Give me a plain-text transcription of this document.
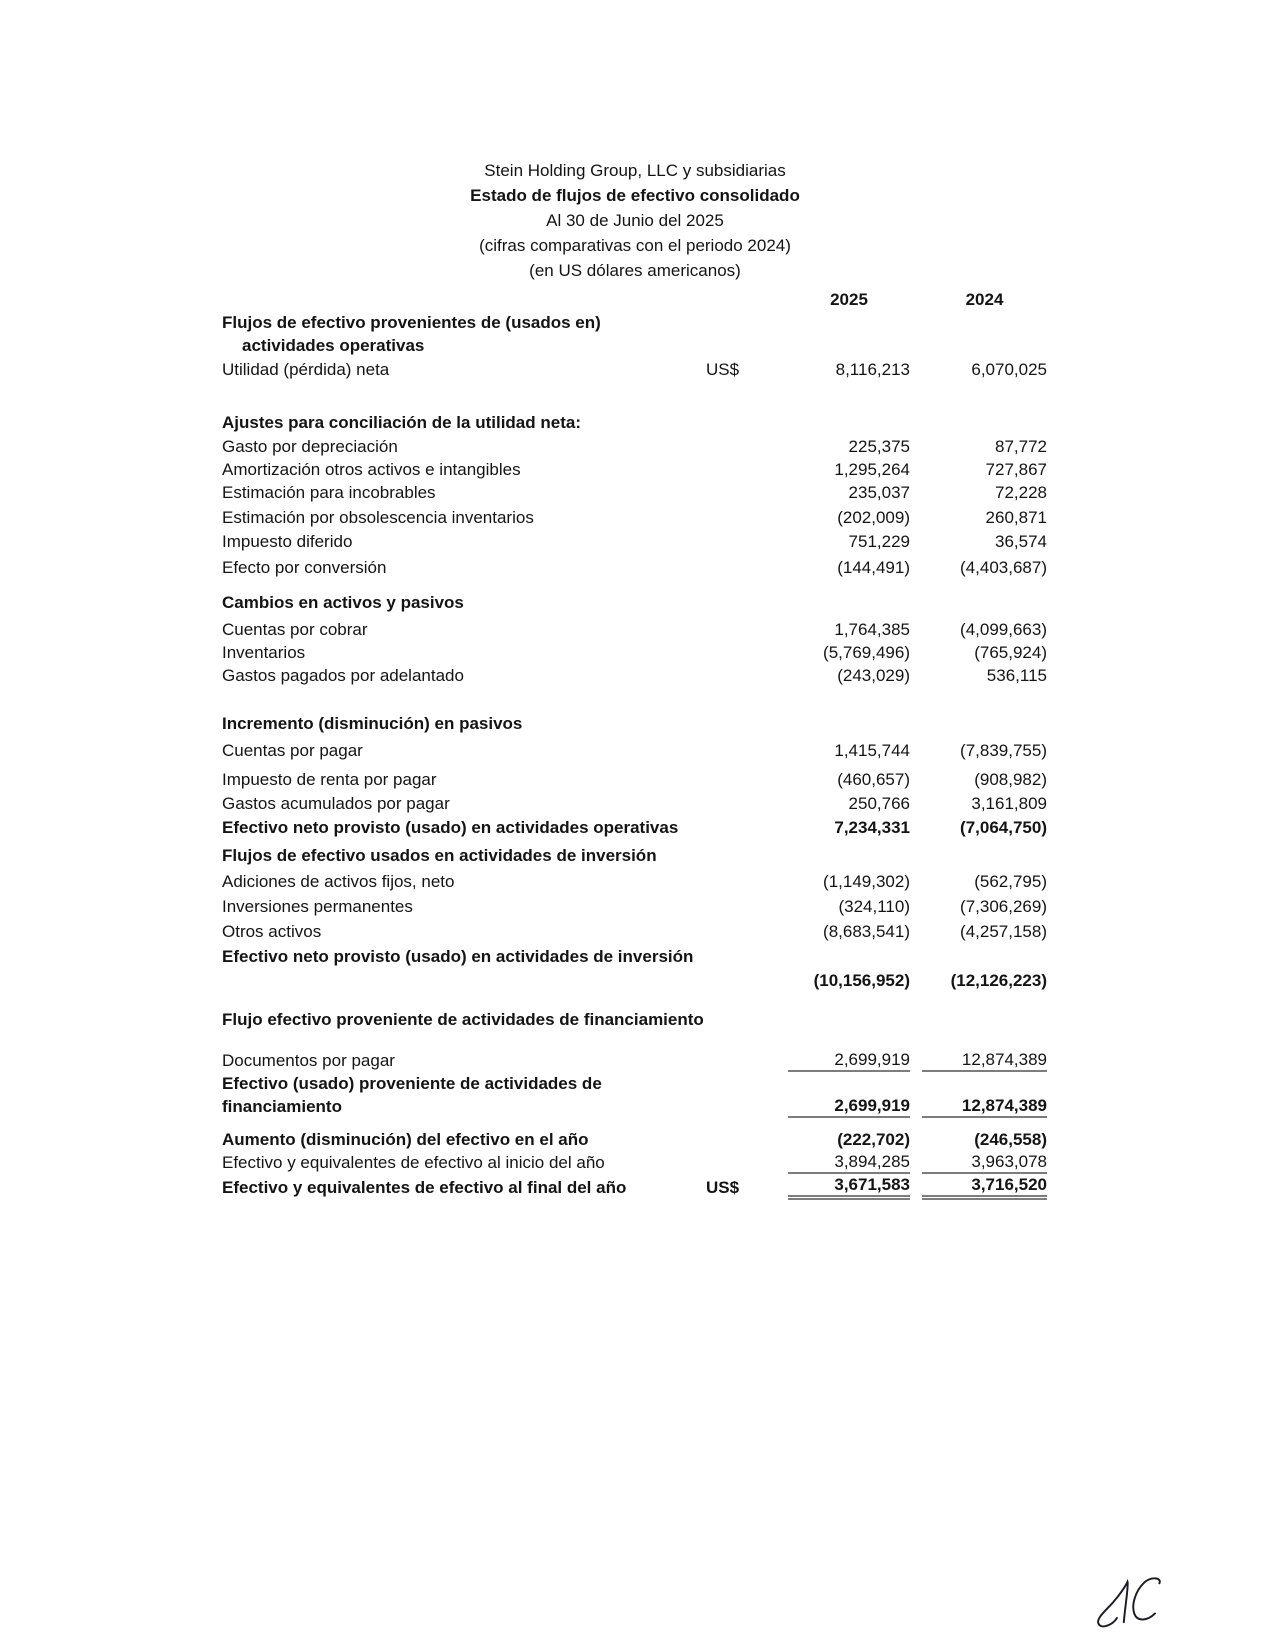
Stein Holding Group, LLC y subsidiarias
Estado de flujos de efectivo consolidado
Al 30 de Junio del 2025
(cifras comparativas con el periodo 2024)
(en US dólares americanos)
2025	2024
Flujos de efectivo provenientes de (usados en)
actividades operativas
Utilidad (pérdida) neta	US$	8,116,213	6,070,025
Ajustes para conciliación de la utilidad neta:
Gasto por depreciación	225,375	87,772
Amortización otros activos e intangibles	1,295,264	727,867
Estimación para incobrables	235,037	72,228
Estimación por obsolescencia inventarios	(202,009)	260,871
Impuesto diferido	751,229	36,574
Efecto por conversión	(144,491)	(4,403,687)
Cambios en activos y pasivos
Cuentas por cobrar	1,764,385	(4,099,663)
Inventarios	(5,769,496)	(765,924)
Gastos pagados por adelantado	(243,029)	536,115
Incremento (disminución) en pasivos
Cuentas por pagar	1,415,744	(7,839,755)
Impuesto de renta por pagar	(460,657)	(908,982)
Gastos acumulados por pagar	250,766	3,161,809
Efectivo neto provisto (usado) en actividades operativas	7,234,331	(7,064,750)
Flujos de efectivo usados en actividades de inversión
Adiciones de activos fijos, neto	(1,149,302)	(562,795)
Inversiones permanentes	(324,110)	(7,306,269)
Otros activos	(8,683,541)	(4,257,158)
Efectivo neto provisto (usado) en actividades de inversión
(10,156,952)	(12,126,223)
Flujo efectivo proveniente de actividades de financiamiento
Documentos por pagar	2,699,919	12,874,389
Efectivo (usado) proveniente de actividades de
financiamiento	2,699,919	12,874,389
Aumento (disminución) del efectivo en el año	(222,702)	(246,558)
Efectivo y equivalentes de efectivo al inicio del año	3,894,285	3,963,078
Efectivo y equivalentes de efectivo al final del año	US$	3,671,583	3,716,520
